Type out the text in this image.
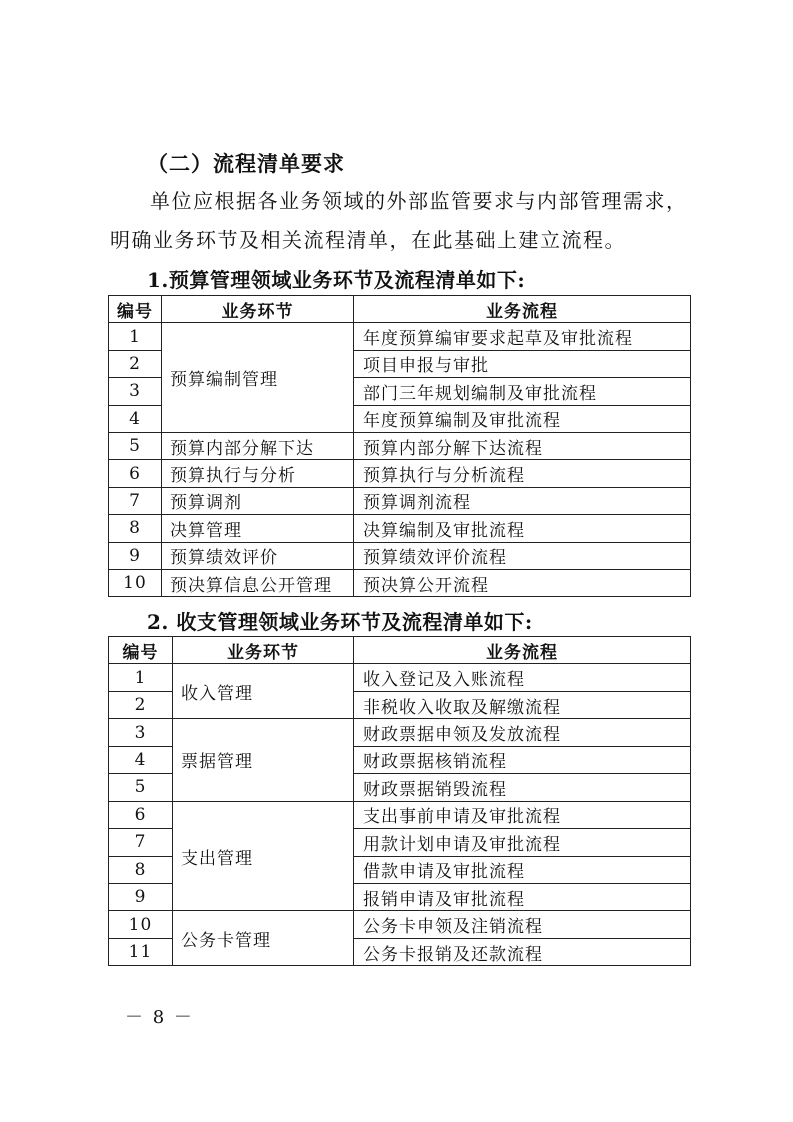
（二）流程清单要求
单位应根据各业务领域的外部监管要求与内部管理需求，明确业务环节及相关流程清单，在此基础上建立流程。
1.预算管理领域业务环节及流程清单如下:
编号	业务环节	业务流程
1	预算编制管理	年度预算编审要求起草及审批流程
2		项目申报与审批
3		部门三年规划编制及审批流程
4		年度预算编制及审批流程
5	预算内部分解下达	预算内部分解下达流程
6	预算执行与分析	预算执行与分析流程
7	预算调剂	预算调剂流程
8	决算管理	决算编制及审批流程
9	预算绩效评价	预算绩效评价流程
10	预决算信息公开管理	预决算公开流程
2. 收支管理领域业务环节及流程清单如下:
编号	业务环节	业务流程
1	收入管理	收入登记及入账流程
2		非税收入收取及解缴流程
3	票据管理	财政票据申领及发放流程
4		财政票据核销流程
5		财政票据销毁流程
6	支出管理	支出事前申请及审批流程
7		用款计划申请及审批流程
8		借款申请及审批流程
9		报销申请及审批流程
10	公务卡管理	公务卡申领及注销流程
11		公务卡报销及还款流程
－ 8 －
